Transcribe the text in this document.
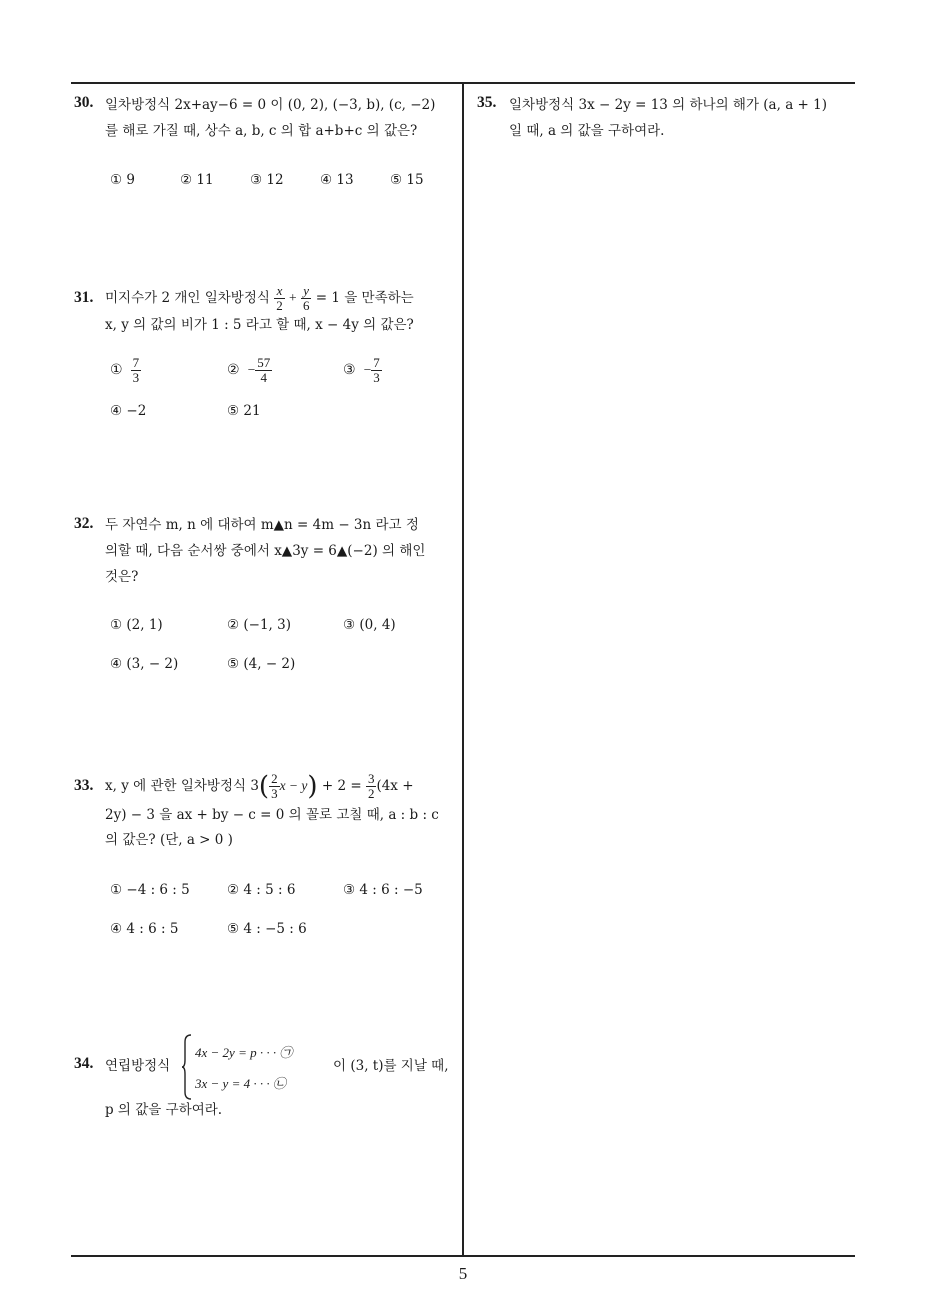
30. 일차방정식 2x+ay−6 = 0 이 (0, 2), (−3, b), (c, −2)
를 해로 가질 때, 상수 a, b, c 의 합 a+b+c 의 값은?
① 9	② 11	③ 12	④ 13	⑤ 15
31. 미지수가 2 개인 일차방정식 $\frac{x}{2} + \frac{y}{6} = 1$ 을 만족하는
x, y 의 값의 비가 1 : 5 라고 할 때, x − 4y 의 값은?
① $\frac{7}{3}$	② − $\frac{57}{4}$	③ − $\frac{7}{3}$
④ −2	⑤ 21
32. 두 자연수 m, n 에 대하여 m▲n = 4m − 3n 라고 정
의할 때, 다음 순서쌍 중에서 x▲3y = 6▲(−2) 의 해인
것은?
① (2, 1)	② (−1, 3)	③ (0, 4)
④ (3, − 2)	⑤ (4, − 2)
33. x, y 에 관한 일차방정식 $3( \frac{2}{3}$ $x - y) + 2 = \frac{3}{2} (4x$ +
2y) − 3 을 ax + by − c = 0 의 꼴로 고칠 때, a : b : c
의 값은? (단, a > 0 )
① −4 : 6 : 5	② 4 : 5 : 6	③ 4 : 6 : −5
④ 4 : 6 : 5	⑤ 4 : −5 : 6
34. 연립방정식
4x − 2y = p · · · ㉠
3x − y = 4 · · · ㉡
이 (3, t)를 지날 때,
p 의 값을 구하여라.
35. 일차방정식 3x − 2y = 13 의 하나의 해가 (a, a + 1)
일 때, a 의 값을 구하여라.
5
